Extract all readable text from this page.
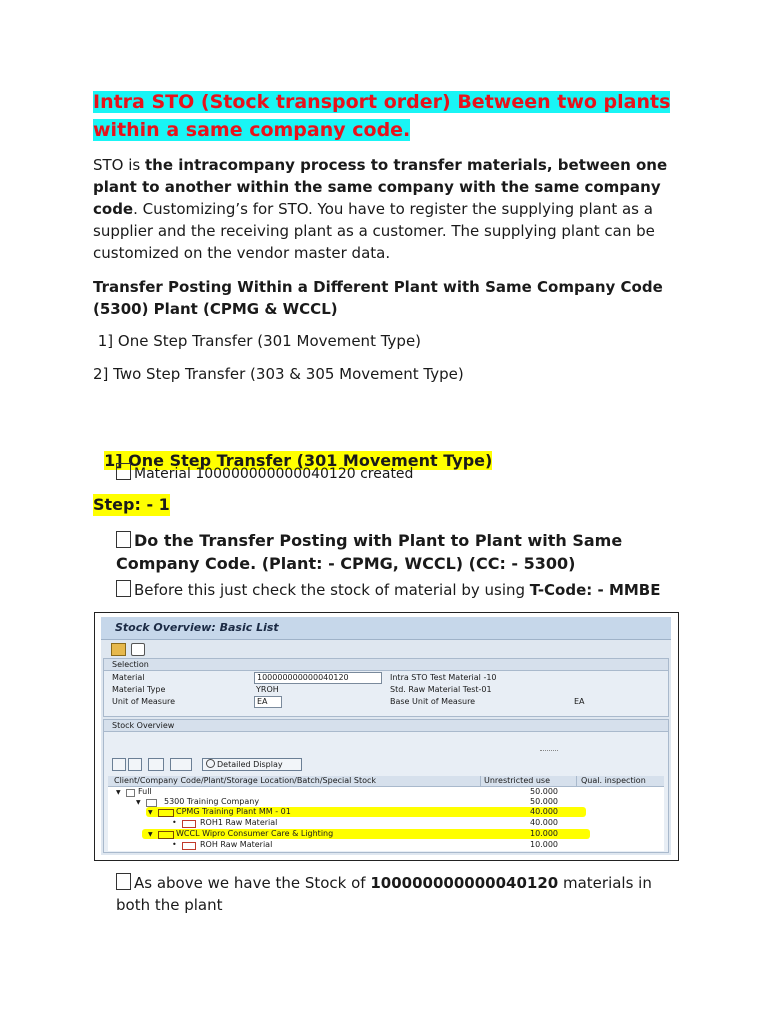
Intra STO (Stock transport order) Between two plants within a same company code.
STO is the intracompany process to transfer materials, between one plant to another within the same company with the same company code. Customizing’s for STO. You have to register the supplying plant as a supplier and the receiving plant as a customer. The supplying plant can be customized on the vendor master data.
Transfer Posting Within a Different Plant with Same Company Code (5300) Plant (CPMG & WCCL)
1] One Step Transfer (301 Movement Type)
2] Two Step Transfer (303 & 305 Movement Type)

1] One Step Transfer (301 Movement Type)

Material 100000000000040120 created
Step: - 1
Do the Transfer Posting with Plant to Plant with Same Company Code. (Plant: - CPMG, WCCL) (CC: - 5300)
Before this just check the stock of material by using T-Code: - MMBE
Stock Overview: Basic List
Selection
Material	100000000000040120	Intra STO Test Material -10
Material Type	YROH	Std. Raw Material Test-01
Unit of Measure	EA	Base Unit of Measure	EA
Stock Overview
Detailed Display
Client/Company Code/Plant/Storage Location/Batch/Special Stock	Unrestricted use	Qual. inspection
▼ Full	50.000
▼	5300 Training Company	50.000
▼	CPMG Training Plant MM - 01	40.000
•	ROH1 Raw Material	40.000
▼	WCCL Wipro Consumer Care & Lighting	10.000
•	ROH Raw Material	10.000
As above we have the Stock of 100000000000040120 materials in both the plant
